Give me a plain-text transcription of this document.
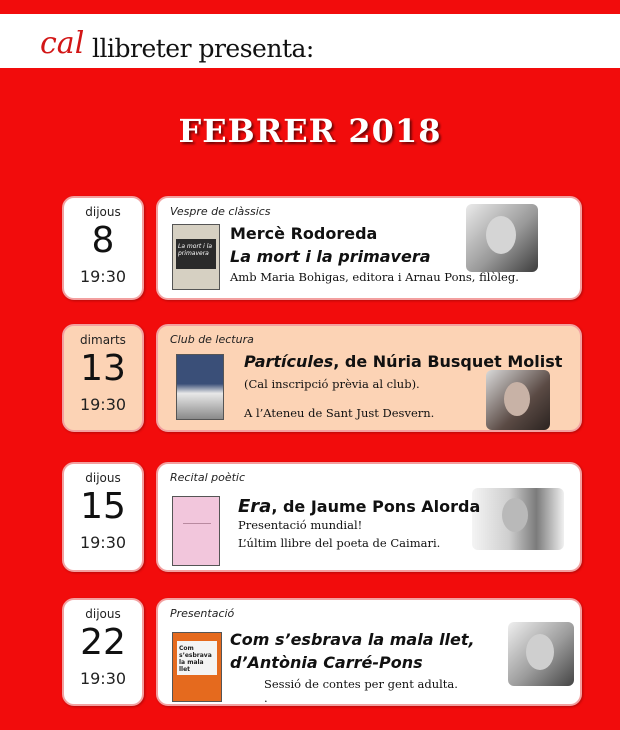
cal llibreter presenta:
FEBRER 2018
dijous
8
19:30
Vespre de clàssics
La mort i la primavera
Mercè Rodoreda
La mort i la primavera
Amb Maria Bohigas, editora i Arnau Pons, filòleg.
dimarts
13
19:30
Club de lectura
Partícules, de Núria Busquet Molist
(Cal inscripció prèvia al club).
A l’Ateneu de Sant Just Desvern.
dijous
15
19:30
Recital poètic
Era, de Jaume Pons Alorda
Presentació mundial!
L’últim llibre del poeta de Caimari.
dijous
22
19:30
Presentació
Com s’esbrava la mala llet
Com s’esbrava la mala llet,
d’Antònia Carré-Pons
Sessió de contes per gent adulta.
.
